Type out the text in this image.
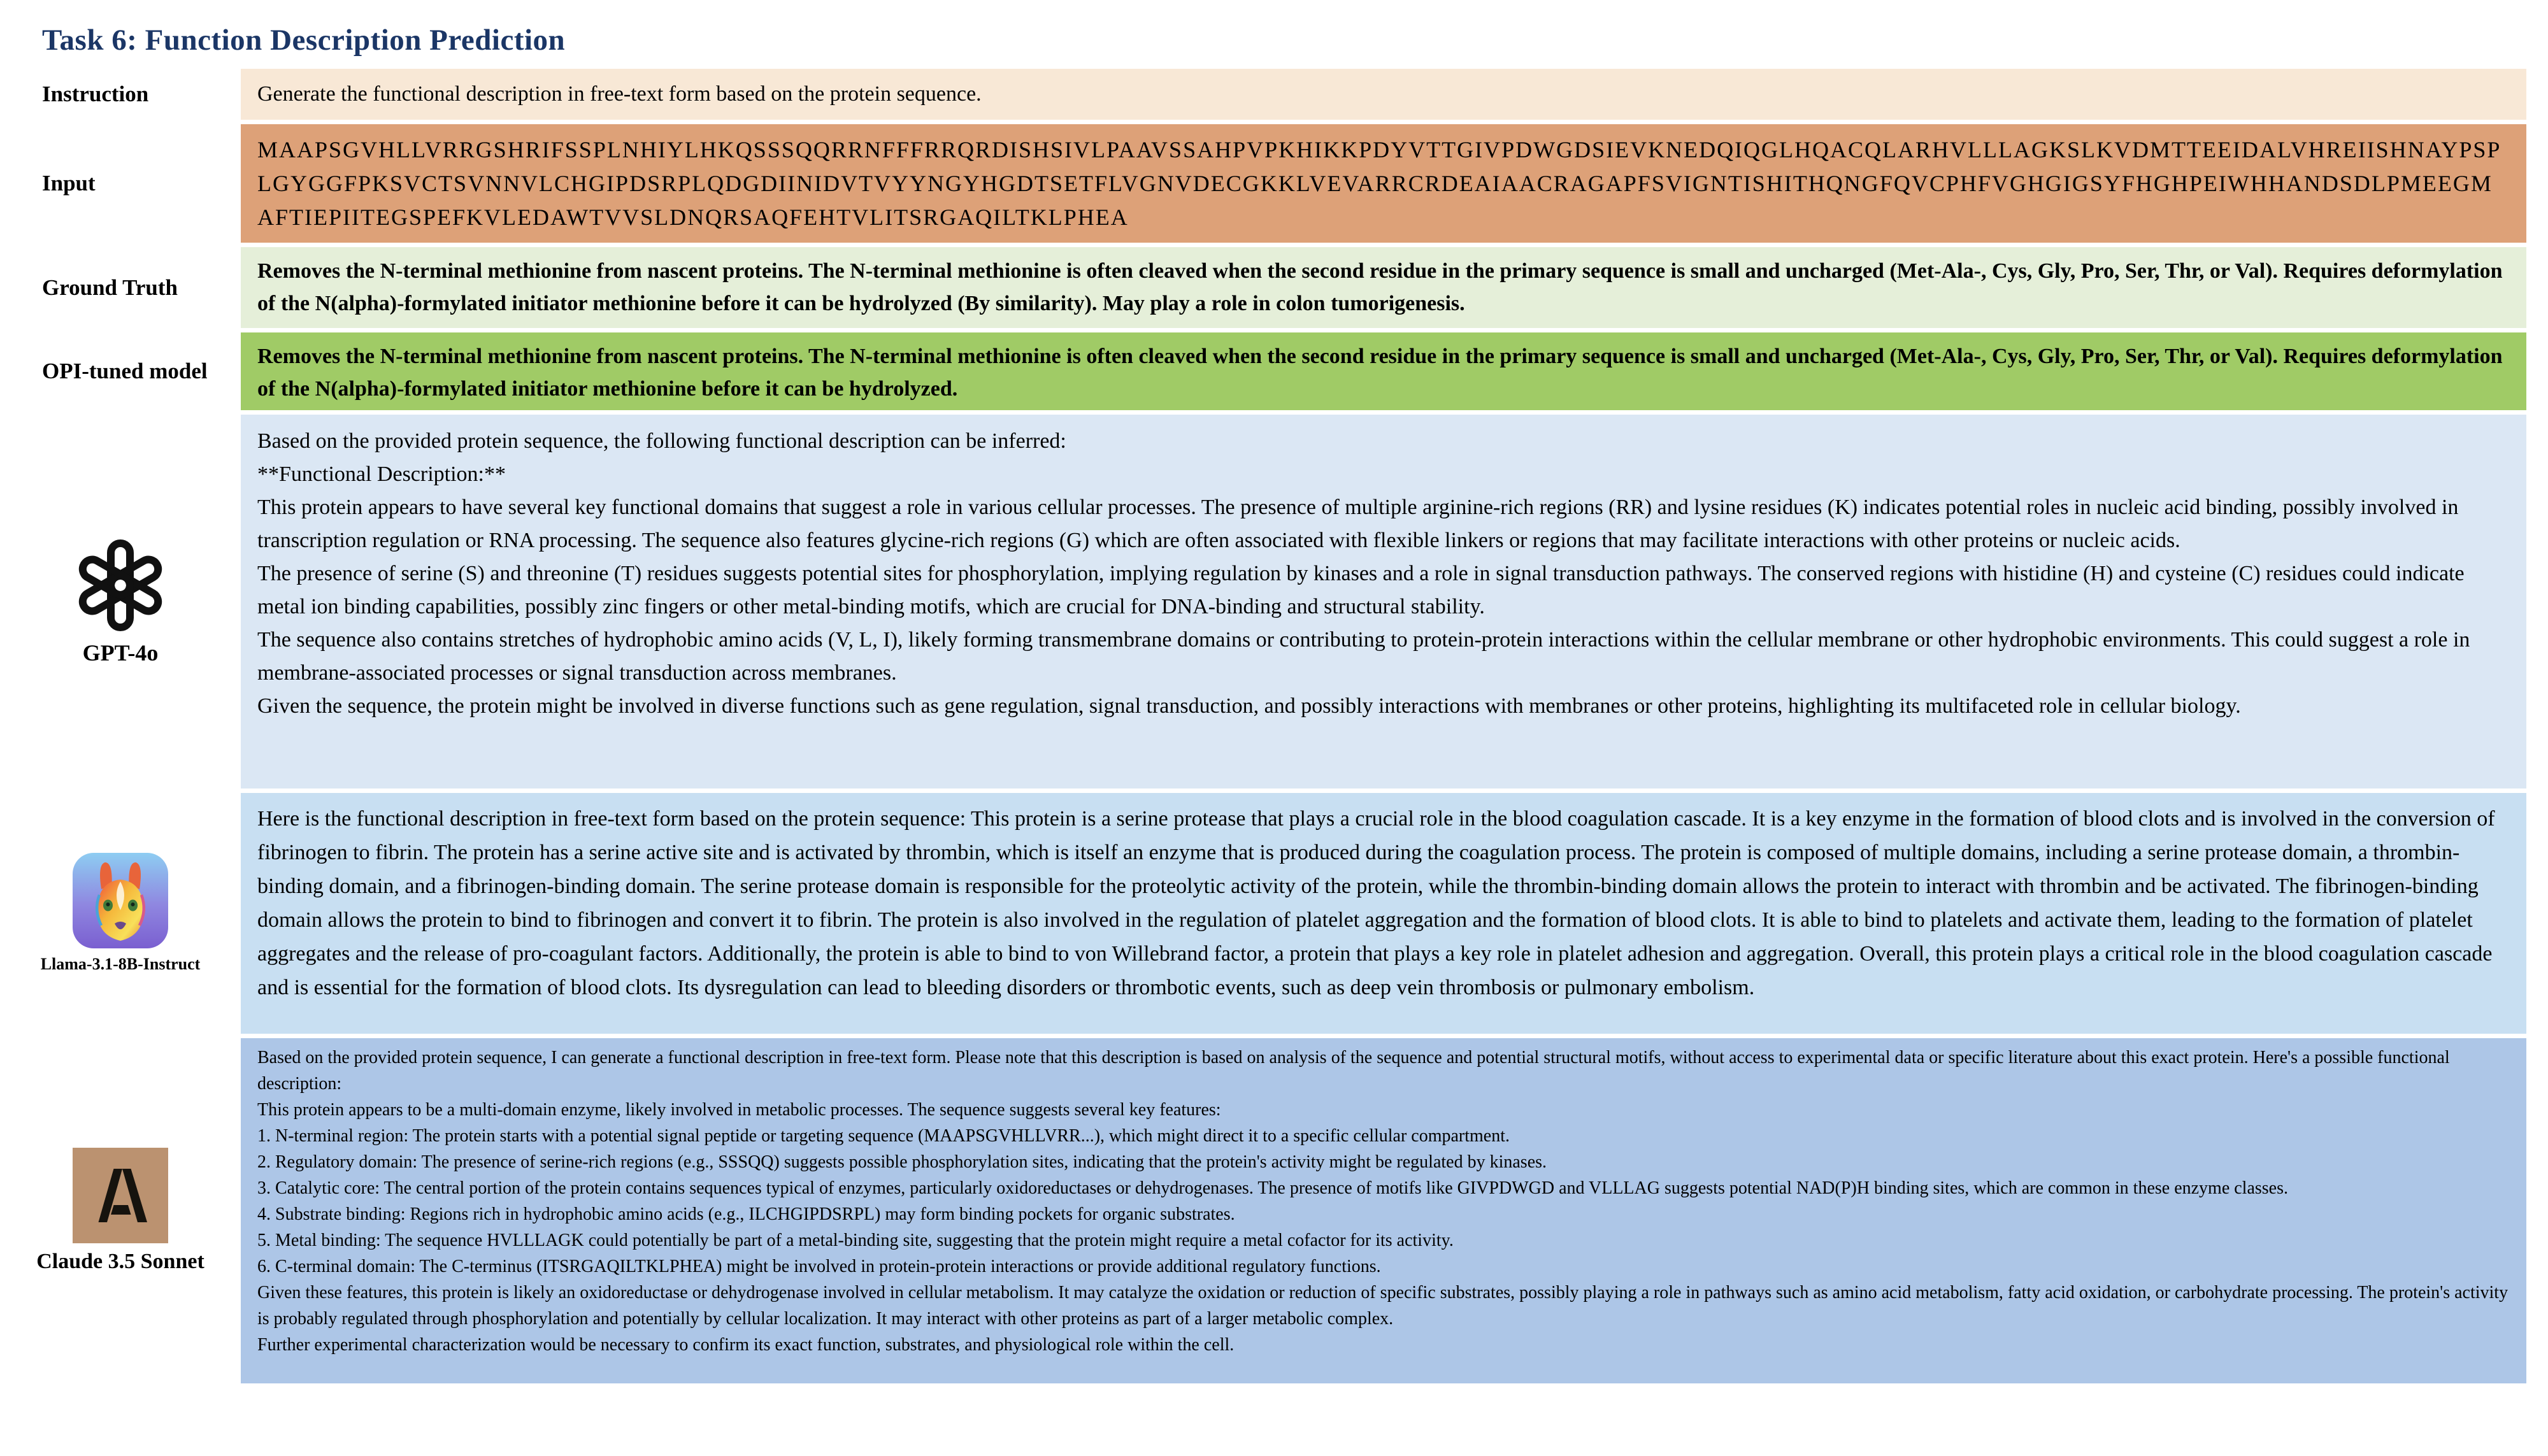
Task 6: Function Description Prediction
Instruction	Generate the functional description in free-text form based on the protein sequence.
Input
MAAPSGVHLLVRRGSHRIFSSPLNHIYLHKQSSSQQRRNFFFRRQRDISHSIVLPAAVSSAHPVPKHIKKPDYVTTGIVPDWGDSIEVKNEDQIQGLHQACQLARHVLLLAGKSLKVDMTTEEIDALVHREIISHNAYPSPLGYGGFPKSVCTSVNNVLCHGIPDSRPLQDGDIINIDVTVYYNGYHGDTSETFLVGNVDECGKKLVEVARRCRDEAIAACRAGAPFSVIGNTISHITHQNGFQVCPHFVGHGIGSYFHGHPEIWHHANDSDLPMEEGMAFTIEPIITEGSPEFKVLEDAWTVVSLDNQRSAQFEHTVLITSRGAQILTKLPHEA
Ground Truth
Removes the N-terminal methionine from nascent proteins. The N-terminal methionine is often cleaved when the second residue in the primary sequence is small and uncharged (Met-Ala-, Cys, Gly, Pro, Ser, Thr, or Val). Requires deformylation of the N(alpha)-formylated initiator methionine before it can be hydrolyzed (By similarity). May play a role in colon tumorigenesis.
OPI-tuned model
Removes the N-terminal methionine from nascent proteins. The N-terminal methionine is often cleaved when the second residue in the primary sequence is small and uncharged (Met-Ala-, Cys, Gly, Pro, Ser, Thr, or Val). Requires deformylation of the N(alpha)-formylated initiator methionine before it can be hydrolyzed.
GPT-4o

Based on the provided protein sequence, the following functional description can be inferred:

**Functional Description:**

This protein appears to have several key functional domains that suggest a role in various cellular processes. The presence of multiple arginine-rich regions (RR) and lysine residues (K) indicates potential roles in nucleic acid binding, possibly involved in transcription regulation or RNA processing. The sequence also features glycine-rich regions (G) which are often associated with flexible linkers or regions that may facilitate interactions with other proteins or nucleic acids.

The presence of serine (S) and threonine (T) residues suggests potential sites for phosphorylation, implying regulation by kinases and a role in signal transduction pathways. The conserved regions with histidine (H) and cysteine (C) residues could indicate metal ion binding capabilities, possibly zinc fingers or other metal-binding motifs, which are crucial for DNA-binding and structural stability.

The sequence also contains stretches of hydrophobic amino acids (V, L, I), likely forming transmembrane domains or contributing to protein-protein interactions within the cellular membrane or other hydrophobic environments. This could suggest a role in membrane-associated processes or signal transduction across membranes.

Given the sequence, the protein might be involved in diverse functions such as gene regulation, signal transduction, and possibly interactions with membranes or other proteins, highlighting its multifaceted role in cellular biology.

Llama-3.1-8B-Instruct
Here is the functional description in free-text form based on the protein sequence: This protein is a serine protease that plays a crucial role in the blood coagulation cascade. It is a key enzyme in the formation of blood clots and is involved in the conversion of fibrinogen to fibrin. The protein has a serine active site and is activated by thrombin, which is itself an enzyme that is produced during the coagulation process. The protein is composed of multiple domains, including a serine protease domain, a thrombin-binding domain, and a fibrinogen-binding domain. The serine protease domain is responsible for the proteolytic activity of the protein, while the thrombin-binding domain allows the protein to interact with thrombin and be activated. The fibrinogen-binding domain allows the protein to bind to fibrinogen and convert it to fibrin. The protein is also involved in the regulation of platelet aggregation and the formation of blood clots. It is able to bind to platelets and activate them, leading to the formation of platelet aggregates and the release of pro-coagulant factors. Additionally, the protein is able to bind to von Willebrand factor, a protein that plays a key role in platelet adhesion and aggregation. Overall, this protein plays a critical role in the blood coagulation cascade and is essential for the formation of blood clots. Its dysregulation can lead to bleeding disorders or thrombotic events, such as deep vein thrombosis or pulmonary embolism.
Claude 3.5 Sonnet

Based on the provided protein sequence, I can generate a functional description in free-text form. Please note that this description is based on analysis of the sequence and potential structural motifs, without access to experimental data or specific literature about this exact protein. Here's a possible functional description:

This protein appears to be a multi-domain enzyme, likely involved in metabolic processes. The sequence suggests several key features:

1. N-terminal region: The protein starts with a potential signal peptide or targeting sequence (MAAPSGVHLLVRR...), which might direct it to a specific cellular compartment.

2. Regulatory domain: The presence of serine-rich regions (e.g., SSSQQ) suggests possible phosphorylation sites, indicating that the protein's activity might be regulated by kinases.

3. Catalytic core: The central portion of the protein contains sequences typical of enzymes, particularly oxidoreductases or dehydrogenases. The presence of motifs like GIVPDWGD and VLLLAG suggests potential NAD(P)H binding sites, which are common in these enzyme classes.

4. Substrate binding: Regions rich in hydrophobic amino acids (e.g., ILCHGIPDSRPL) may form binding pockets for organic substrates.

5. Metal binding: The sequence HVLLLAGK could potentially be part of a metal-binding site, suggesting that the protein might require a metal cofactor for its activity.

6. C-terminal domain: The C-terminus (ITSRGAQILTKLPHEA) might be involved in protein-protein interactions or provide additional regulatory functions.

Given these features, this protein is likely an oxidoreductase or dehydrogenase involved in cellular metabolism. It may catalyze the oxidation or reduction of specific substrates, possibly playing a role in pathways such as amino acid metabolism, fatty acid oxidation, or carbohydrate processing. The protein's activity is probably regulated through phosphorylation and potentially by cellular localization. It may interact with other proteins as part of a larger metabolic complex.

Further experimental characterization would be necessary to confirm its exact function, substrates, and physiological role within the cell.
